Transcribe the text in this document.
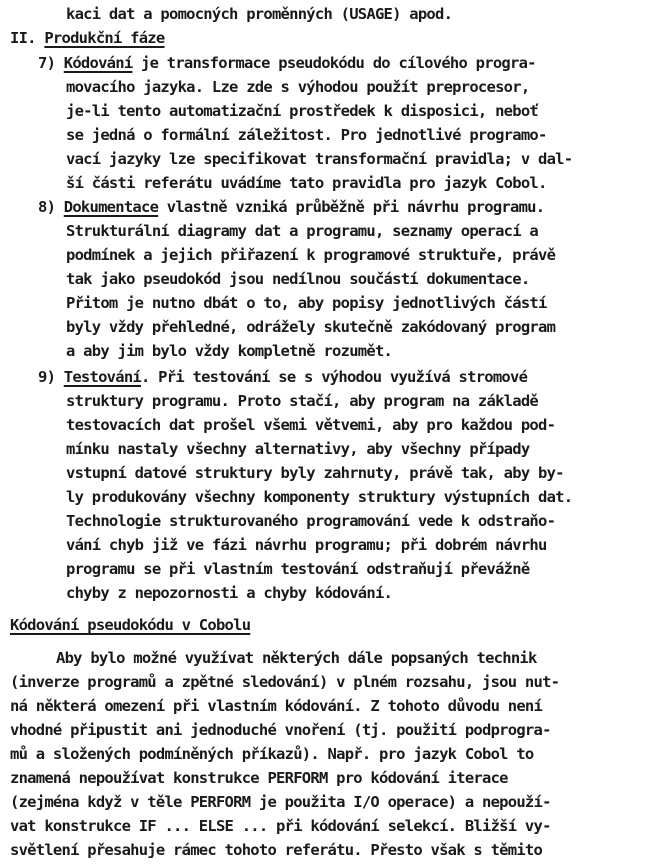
kaci dat a pomocných proměnných (USAGE) apod.
II. Produkční fáze
7) Kódování je transformace pseudokódu do cílového progra-
movacího jazyka. Lze zde s výhodou použít preprocesor,
je-li tento automatizační prostředek k disposici, neboť
se jedná o formální záležitost. Pro jednotlivé programo-
vací jazyky lze specifikovat transformační pravidla; v dal-
ší části referátu uvádíme tato pravidla pro jazyk Cobol.
8) Dokumentace vlastně vzniká průběžně při návrhu programu.
Strukturální diagramy dat a programu, seznamy operací a
podmínek a jejich přiřazení k programové struktuře, právě
tak jako pseudokód jsou nedílnou součástí dokumentace.
Přitom je nutno dbát o to, aby popisy jednotlivých částí
byly vždy přehledné, odrážely skutečně zakódovaný program
a aby jim bylo vždy kompletně rozumět.
9) Testování. Při testování se s výhodou využívá stromové
struktury programu. Proto stačí, aby program na základě
testovacích dat prošel všemi větvemi, aby pro každou pod-
mínku nastaly všechny alternativy, aby všechny případy
vstupní datové struktury byly zahrnuty, právě tak, aby by-
ly produkovány všechny komponenty struktury výstupních dat.
Technologie strukturovaného programování vede k odstraňo-
vání chyb již ve fázi návrhu programu; při dobrém návrhu
programu se při vlastním testování odstraňují převážně
chyby z nepozornosti a chyby kódování.
Kódování pseudokódu v Cobolu
Aby bylo možné využívat některých dále popsaných technik
(inverze programů a zpětné sledování) v plném rozsahu, jsou nut-
ná některá omezení při vlastním kódování. Z tohoto důvodu není
vhodné připustit ani jednoduché vnoření (tj. použití podprogra-
mů a složených podmíněných příkazů). Např. pro jazyk Cobol to
znamená nepoužívat konstrukce PERFORM pro kódování iterace
(zejména když v těle PERFORM je použita I/O operace) a nepouží-
vat konstrukce IF ... ELSE ... při kódování selekcí. Bližší vy-
světlení přesahuje rámec tohoto referátu. Přesto však s těmito
